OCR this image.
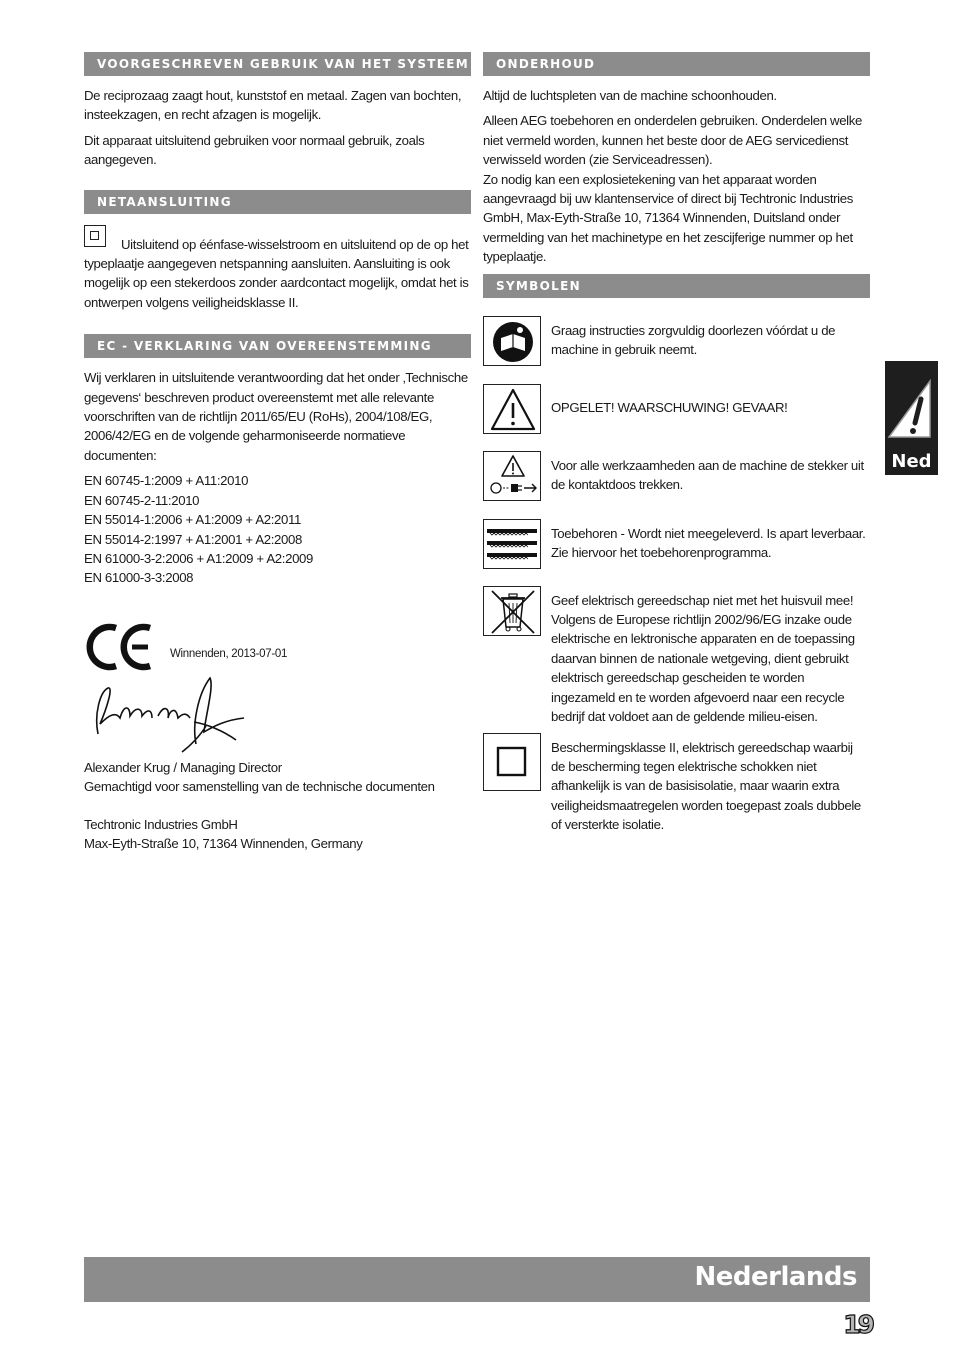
VOORGESCHREVEN GEBRUIK VAN HET SYSTEEM

De reciprozaag zaagt hout, kunststof en metaal. Zagen van bochten, insteekzagen, en recht afzagen is mogelijk.

Dit apparaat uitsluitend gebruiken voor normaal gebruik, zoals aangegeven.

NETAANSLUITING

Uitsluitend op éénfase-wisselstroom en uitsluitend op de op het typeplaatje aangegeven netspanning aansluiten. Aansluiting is ook mogelijk op een stekerdoos zonder aardcontact mogelijk, omdat het is ontwerpen volgens veiligheidsklasse II.

EC - VERKLARING VAN OVEREENSTEMMING

Wij verklaren in uitsluitende verantwoording dat het onder ‚Technische gegevens‘ beschreven product overeenstemt met alle relevante voorschriften van de richtlijn 2011/65/EU (RoHs), 2004/108/EG, 2006/42/EG en de volgende geharmoniseerde normatieve documenten:

EN 60745-1:2009 + A11:2010

EN 60745-2-11:2010

EN 55014-1:2006 + A1:2009 + A2:2011

EN 55014-2:1997 + A1:2001 + A2:2008

EN 61000-3-2:2006 + A1:2009 + A2:2009

EN 61000-3-3:2008

Winnenden, 2013-07-01

Alexander Krug / Managing Director

Gemachtigd voor samenstelling van de technische documenten

Techtronic Industries GmbH

Max-Eyth-Straße 10, 71364 Winnenden, Germany

ONDERHOUD

Altijd de luchtspleten van de machine schoonhouden.

Alleen AEG toebehoren en onderdelen gebruiken. Onderdelen welke niet vermeld worden, kunnen het beste door de AEG servicedienst verwisseld worden (zie Serviceadressen).

Zo nodig kan een explosietekening van het apparaat worden aangevraagd bij uw klantenservice of direct bij Techtronic Industries GmbH, Max-Eyth-Straße 10, 71364 Winnenden, Duitsland onder vermelding van het machinetype en het zescijferige nummer op het typeplaatje.

SYMBOLEN
Graag instructies zorgvuldig doorlezen vóórdat u de machine in gebruik neemt.
OPGELET! WAARSCHUWING! GEVAAR!
Voor alle werkzaamheden aan de machine de stekker uit de kontaktdoos trekken.
Toebehoren - Wordt niet meegeleverd. Is apart leverbaar. Zie hiervoor het toebehorenprogramma.
Geef elektrisch gereedschap niet met het huisvuil mee! Volgens de Europese richtlijn 2002/96/EG inzake oude elektrische en lektronische apparaten en de toepassing daarvan binnen de nationale wetgeving, dient gebruikt elektrisch gereedschap gescheiden te worden ingezameld en te worden afgevoerd naar een recycle bedrijf dat voldoet aan de geldende milieu-eisen.
Beschermingsklasse II, elektrisch gereedschap waarbij de bescherming tegen elektrische schokken niet afhankelijk is van de basisisolatie, maar waarin extra veiligheidsmaatregelen worden toegepast zoals dubbele of versterkte isolatie.
Ned
Nederlands
19
